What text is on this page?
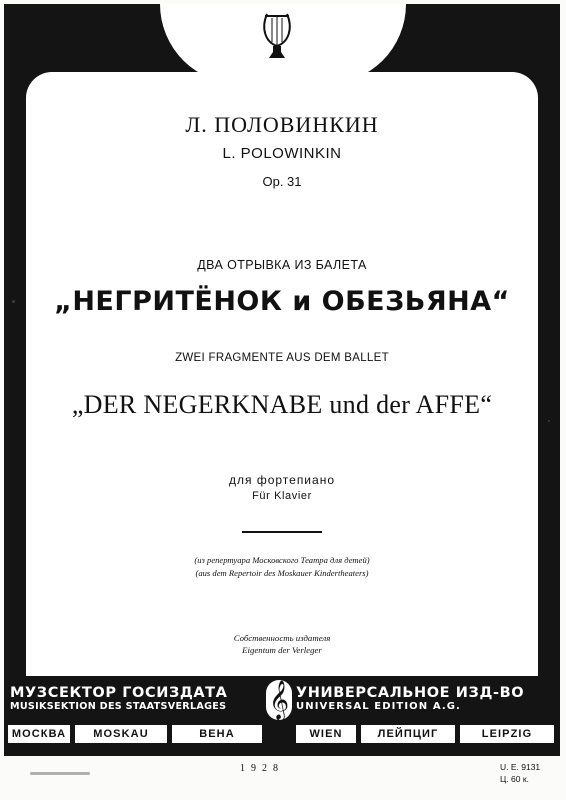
Л. ПОЛОВИНКИН
L. POLOWINKIN
Op. 31
ДВА ОТРЫВКА ИЗ БАЛЕТА
„НЕГРИТЁНОК и ОБЕЗЬЯНА“
ZWEI FRAGMENTE AUS DEM BALLET
„DER NEGERKNABE und der AFFE“
для фортепиано
Für Klavier
(из репертуара Московского Театра для детей)
(aus dem Repertoir des Moskauer Kindertheaters)
Собственность издателя
Eigentum der Verleger
МУЗСЕКТОР ГОСИЗДАТА
MUSIKSEKTION DES STAATSVERLAGES
УНИВЕРСАЛЬНОЕ ИЗД-ВО
UNIVERSAL EDITION A.G.
𝄞
МОСКВА	MOSKAU	ВЕНА	WIEN	ЛЕЙПЦИГ	LEIPZIG
1928	U. E. 9131
Ц. 60 к.
